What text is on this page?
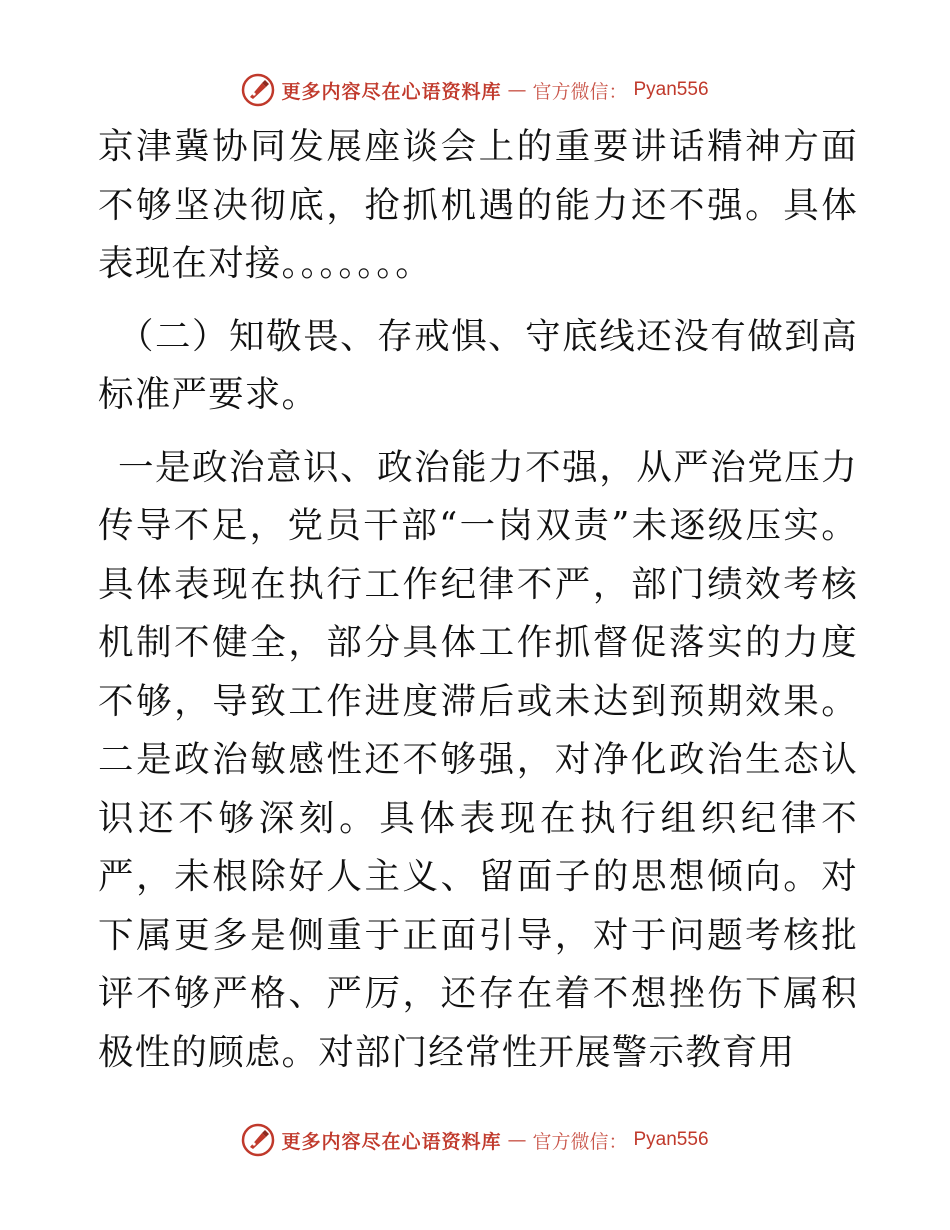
更多内容尽在心语资料库 — 官方微信： Pyan556

京津冀协同发展座谈会上的重要讲话精神方面不够坚决彻底，抢抓机遇的能力还不强。具体表现在对接。。。。。。。

（二）知敬畏、存戒惧、守底线还没有做到高标准严要求。

一是政治意识、政治能力不强，从严治党压力传导不足，党员干部“一岗双责”未逐级压实。具体表现在执行工作纪律不严，部门绩效考核机制不健全，部分具体工作抓督促落实的力度不够，导致工作进度滞后或未达到预期效果。二是政治敏感性还不够强，对净化政治生态认识还不够深刻。具体表现在执行组织纪律不严，未根除好人主义、留面子的思想倾向。对下属更多是侧重于正面引导，对于问题考核批评不够严格、严厉，还存在着不想挫伤下属积极性的顾虑。对部门经常性开展警示教育用

更多内容尽在心语资料库 — 官方微信： Pyan556
